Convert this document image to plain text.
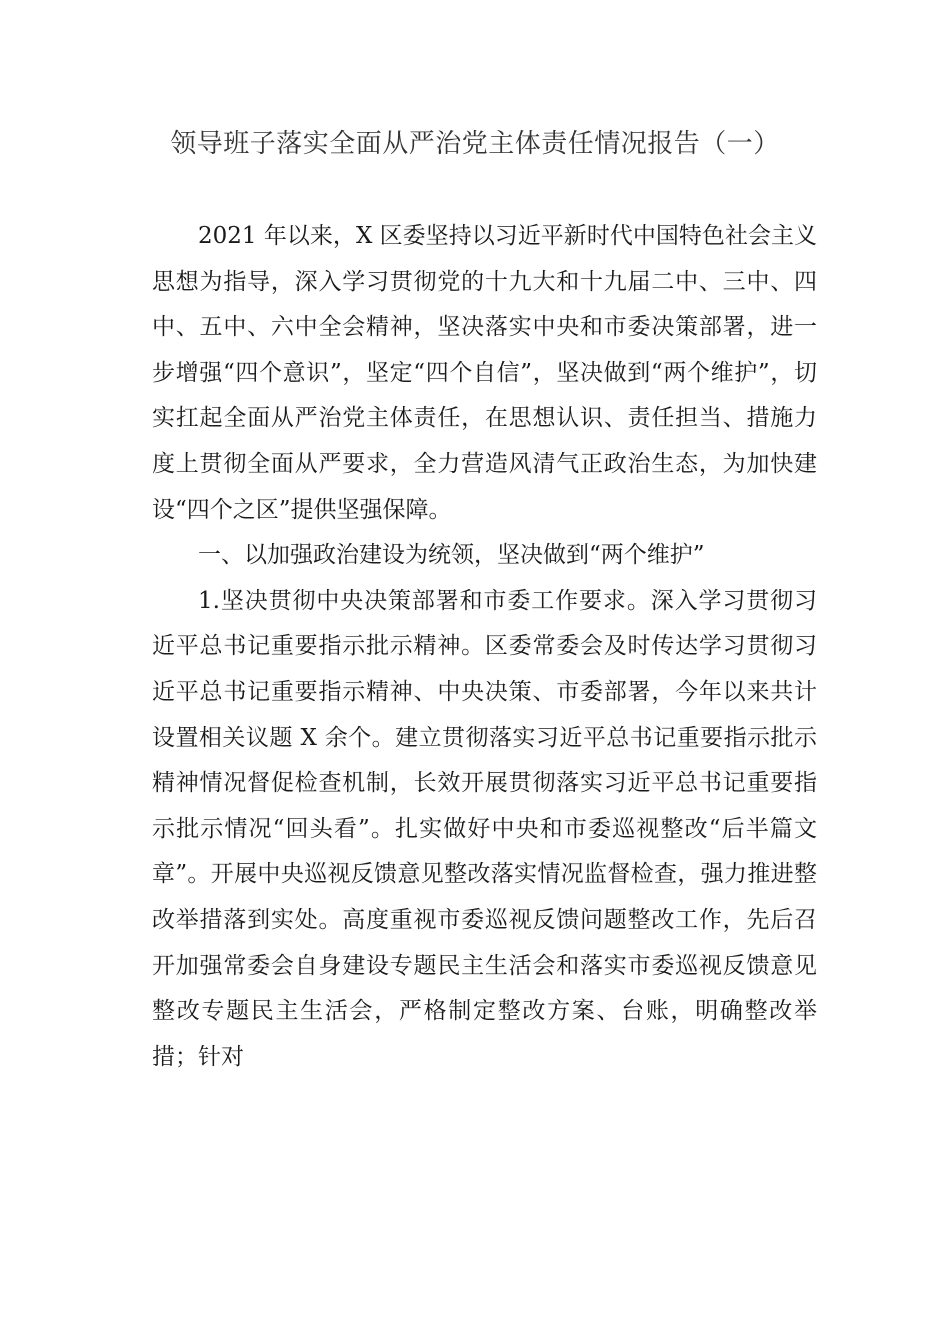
领导班子落实全面从严治党主体责任情况报告（一）

2021 年以来，X 区委坚持以习近平新时代中国特色社会主义思想为指导，深入学习贯彻党的十九大和十九届二中、三中、四中、五中、六中全会精神，坚决落实中央和市委决策部署，进一步增强“四个意识”，坚定“四个自信”，坚决做到“两个维护”，切实扛起全面从严治党主体责任，在思想认识、责任担当、措施力度上贯彻全面从严要求，全力营造风清气正政治生态，为加快建设“四个之区”提供坚强保障。

一、以加强政治建设为统领，坚决做到“两个维护”

1.坚决贯彻中央决策部署和市委工作要求。深入学习贯彻习近平总书记重要指示批示精神。区委常委会及时传达学习贯彻习近平总书记重要指示精神、中央决策、市委部署，今年以来共计设置相关议题 X 余个。建立贯彻落实习近平总书记重要指示批示精神情况督促检查机制，长效开展贯彻落实习近平总书记重要指示批示情况“回头看”。扎实做好中央和市委巡视整改“后半篇文章”。开展中央巡视反馈意见整改落实情况监督检查，强力推进整改举措落到实处。高度重视市委巡视反馈问题整改工作，先后召开加强常委会自身建设专题民主生活会和落实市委巡视反馈意见整改专题民主生活会，严格制定整改方案、台账，明确整改举措；针对
